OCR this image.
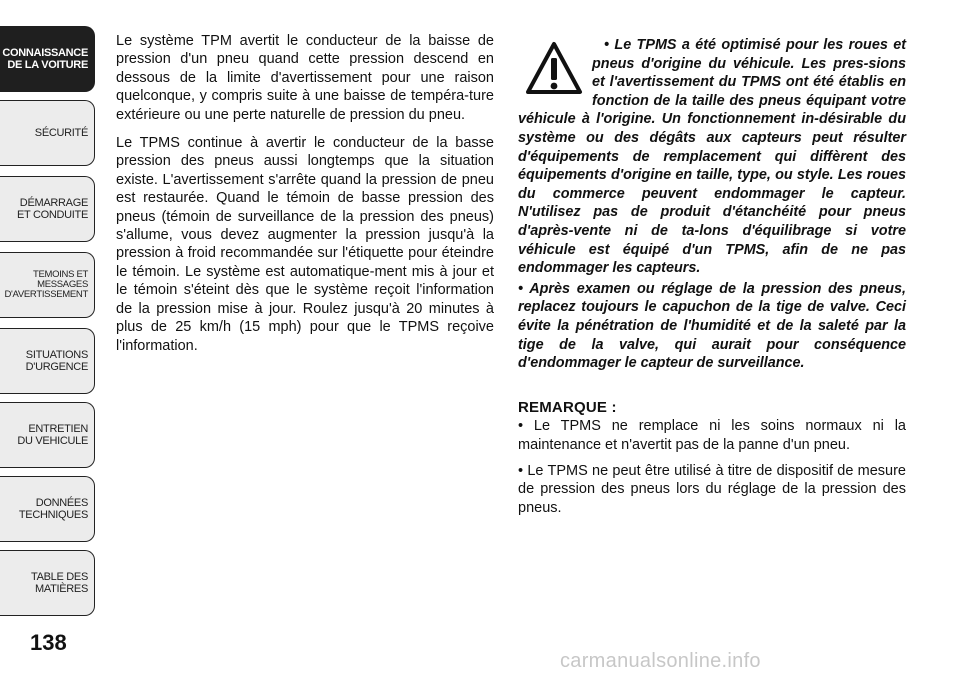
CONNAISSANCE
DE LA VOITURE
SÉCURITÉ
DÉMARRAGE
ET CONDUITE
TEMOINS ET
MESSAGES
D'AVERTISSEMENT
SITUATIONS
D'URGENCE
ENTRETIEN
DU VEHICULE
DONNÉES
TECHNIQUES
TABLE DES
MATIÈRES
138

Le système TPM avertit le conducteur de la baisse de pression d'un pneu quand cette pression descend en dessous de la limite d'avertissement pour une raison quelconque, y compris suite à une baisse de tempéra-ture extérieure ou une perte naturelle de pression du pneu.

Le TPMS continue à avertir le conducteur de la basse pression des pneus aussi longtemps que la situation existe. L'avertissement s'arrête quand la pression de pneu est restaurée. Quand le témoin de basse pression des pneus (témoin de surveillance de la pression des pneus) s'allume, vous devez augmenter la pression jusqu'à la pression à froid recommandée sur l'étiquette pour éteindre le témoin. Le système est automatique-ment mis à jour et le témoin s'éteint dès que le système reçoit l'information de la pression mise à jour. Roulez jusqu'à 20 minutes à plus de 25 km/h (15 mph) pour que le TPMS reçoive l'information.

• Le TPMS a été optimisé pour les roues et pneus d'origine du véhicule. Les pres-sions et l'avertissement du TPMS ont été établis en fonction de la taille des pneus équipant votre véhicule à l'origine. Un fonctionnement in-désirable du système ou des dégâts aux capteurs peut résulter d'équipements de remplacement qui diffèrent des équipements d'origine en taille, type, ou style. Les roues du commerce peuvent endommager le capteur. N'utilisez pas de produit d'étanchéité pour pneus d'après-vente ni de ta-lons d'équilibrage si votre véhicule est équipé d'un TPMS, afin de ne pas endommager les capteurs.

• Après examen ou réglage de la pression des pneus, replacez toujours le capuchon de la tige de valve. Ceci évite la pénétration de l'humidité et de la saleté par la tige de la valve, qui aurait pour conséquence d'endommager le capteur de surveillance.

REMARQUE :

• Le TPMS ne remplace ni les soins normaux ni la maintenance et n'avertit pas de la panne d'un pneu.

• Le TPMS ne peut être utilisé à titre de dispositif de mesure de pression des pneus lors du réglage de la pression des pneus.

carmanualsonline.info
